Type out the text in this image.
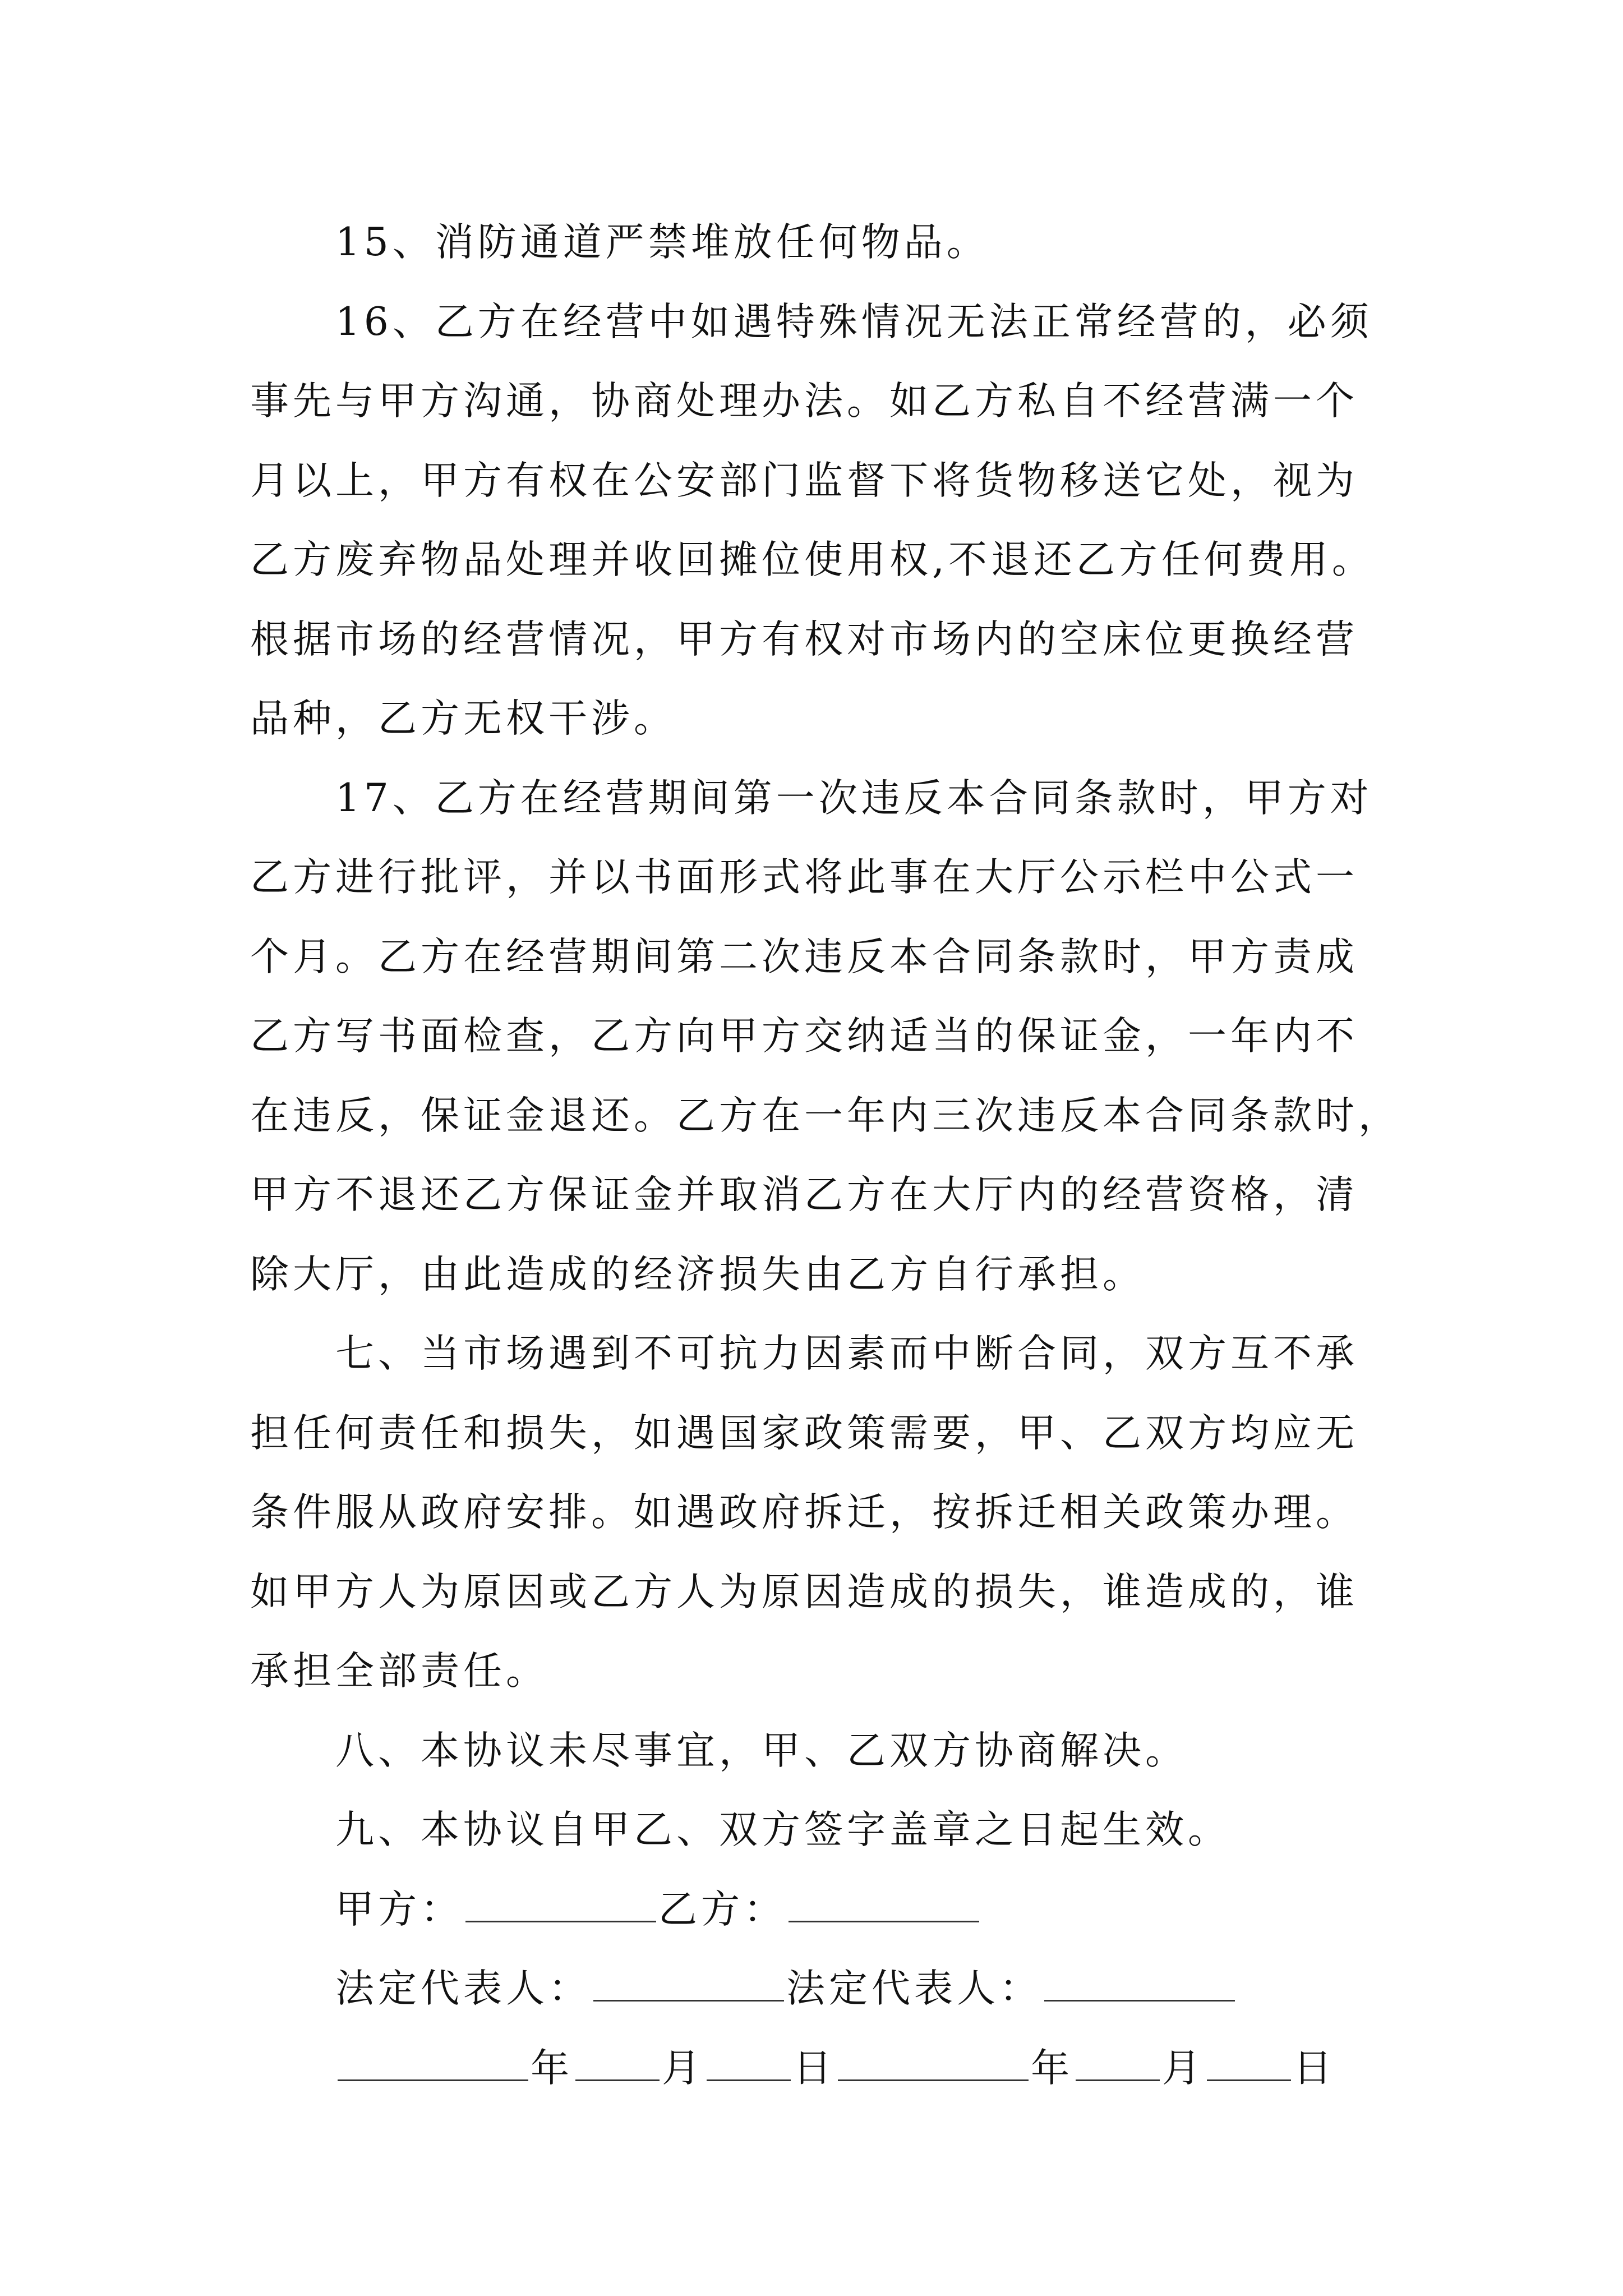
15、消防通道严禁堆放任何物品。
16、乙方在经营中如遇特殊情况无法正常经营的，必须
事先与甲方沟通，协商处理办法。如乙方私自不经营满一个
月以上，甲方有权在公安部门监督下将货物移送它处，视为
乙方废弃物品处理并收回摊位使用权,不退还乙方任何费用。
根据市场的经营情况，甲方有权对市场内的空床位更换经营
品种，乙方无权干涉。
17、乙方在经营期间第一次违反本合同条款时，甲方对
乙方进行批评，并以书面形式将此事在大厅公示栏中公式一
个月。乙方在经营期间第二次违反本合同条款时，甲方责成
乙方写书面检查，乙方向甲方交纳适当的保证金，一年内不
在违反，保证金退还。乙方在一年内三次违反本合同条款时，
甲方不退还乙方保证金并取消乙方在大厅内的经营资格，清
除大厅，由此造成的经济损失由乙方自行承担。
七、当市场遇到不可抗力因素而中断合同，双方互不承
担任何责任和损失，如遇国家政策需要，甲、乙双方均应无
条件服从政府安排。如遇政府拆迁，按拆迁相关政策办理。
如甲方人为原因或乙方人为原因造成的损失，谁造成的，谁
承担全部责任。
八、本协议未尽事宜，甲、乙双方协商解决。
九、本协议自甲乙、双方签字盖章之日起生效。
甲方：	乙方：
法定代表人：	法定代表人：
年 月 日	年 月 日
